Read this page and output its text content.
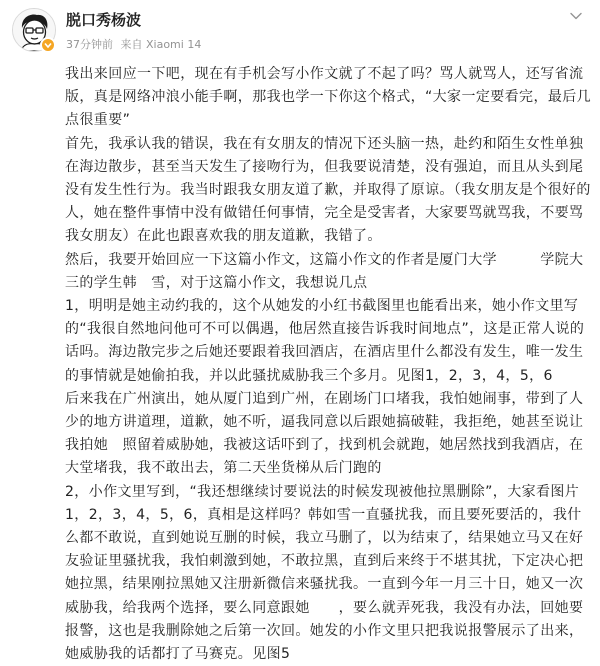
脱口秀杨波
37分钟前 来自 Xiaomi 14

我出来回应一下吧，现在有手机会写小作文就了不起了吗？骂人就骂人，还写省流版，真是网络冲浪小能手啊，那我也学一下你这个格式，“大家一定要看完，最后几点很重要”

首先，我承认我的错误，我在有女朋友的情况下还头脑一热，赴约和陌生女性单独在海边散步，甚至当天发生了接吻行为，但我要说清楚，没有强迫，而且从头到尾没有发生性行为。我当时跟我女朋友道了歉，并取得了原谅。（我女朋友是个很好的人，她在整件事情中没有做错任何事情，完全是受害者，大家要骂就骂我，不要骂我女朋友）在此也跟喜欢我的朋友道歉，我错了。

然后，我要开始回应一下这篇小作文，这篇小作文的作者是厦门大学　　　学院大三的学生韩　雪，对于这篇小作文，我想说几点

1，明明是她主动约我的，这个从她发的小红书截图里也能看出来，她小作文里写的“我很自然地问他可不可以偶遇，他居然直接告诉我时间地点”，这是正常人说的话吗。海边散完步之后她还要跟着我回酒店，在酒店里什么都没有发生，唯一发生的事情就是她偷拍我，并以此骚扰威胁我三个多月。见图1，2，3，4，5，6

后来我在广州演出，她从厦门追到广州，在剧场门口堵我，我怕她闹事，带到了人少的地方讲道理，道歉，她不听，逼我同意以后跟她搞破鞋，我拒绝，她甚至说让我拍她　照留着威胁她，我被这话吓到了，找到机会就跑，她居然找到我酒店，在大堂堵我，我不敢出去，第二天坐货梯从后门跑的

2，小作文里写到，“我还想继续讨要说法的时候发现被他拉黑删除”，大家看图片1，2，3，4，5，6，真相是这样吗？韩如雪一直骚扰我，而且要死要活的，我什么都不敢说，直到她说互删的时候，我立马删了，以为结束了，结果她立马又在好友验证里骚扰我，我怕刺激到她，不敢拉黑，直到后来终于不堪其扰，下定决心把她拉黑，结果刚拉黑她又注册新微信来骚扰我。一直到今年一月三十日，她又一次威胁我，给我两个选择，要么同意跟她　　，要么就弄死我，我没有办法，回她要报警，这也是我删除她之后第一次回。她发的小作文里只把我说报警展示了出来，她威胁我的话都打了马赛克。见图5
